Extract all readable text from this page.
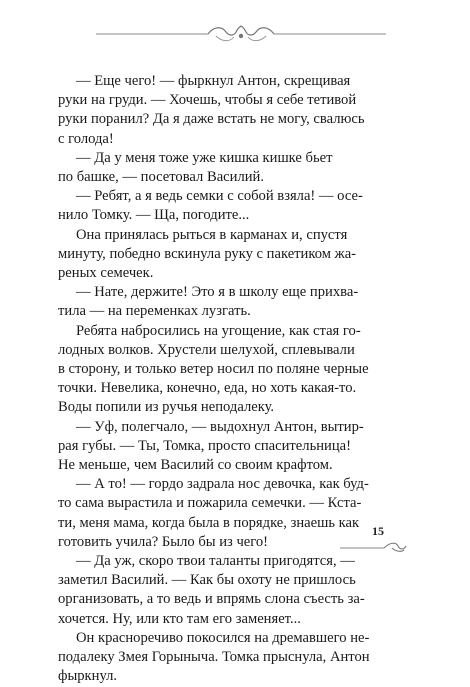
— Еще чего! — фыркнул Антон, скрещивая
руки на груди. — Хочешь, чтобы я себе тетивой
руки поранил? Да я даже встать не могу, свалюсь
с голода!

— Да у меня тоже уже кишка кишке бьет
по башке, — посетовал Василий.

— Ребят, а я ведь семки с собой взяла! — осе-
нило Томку. — Ща, погодите...

Она принялась рыться в карманах и, спустя
минуту, победно вскинула руку с пакетиком жа-
реных семечек.

— Нате, держите! Это я в школу еще прихва-
тила — на переменках лузгать.

Ребята набросились на угощение, как стая го-
лодных волков. Хрустели шелухой, сплевывали
в сторону, и только ветер носил по поляне черные
точки. Невелика, конечно, еда, но хоть какая-то.
Воды попили из ручья неподалеку.

— Уф, полегчало, — выдохнул Антон, вытир-
рая губы. — Ты, Томка, просто спасительница!
Не меньше, чем Василий со своим крафтом.

— А то! — гордо задрала нос девочка, как буд-
то сама вырастила и пожарила семечки. — Кста-
ти, меня мама, когда была в порядке, знаешь как
готовить учила? Было бы из чего!

— Да уж, скоро твои таланты пригодятся, —
заметил Василий. — Как бы охоту не пришлось
организовать, а то ведь и впрямь слона съесть за-
хочется. Ну, или кто там его заменяет...

Он красноречиво покосился на дремавшего не-
подалеку Змея Горыныча. Томка прыснула, Антон
фыркнул.

15
